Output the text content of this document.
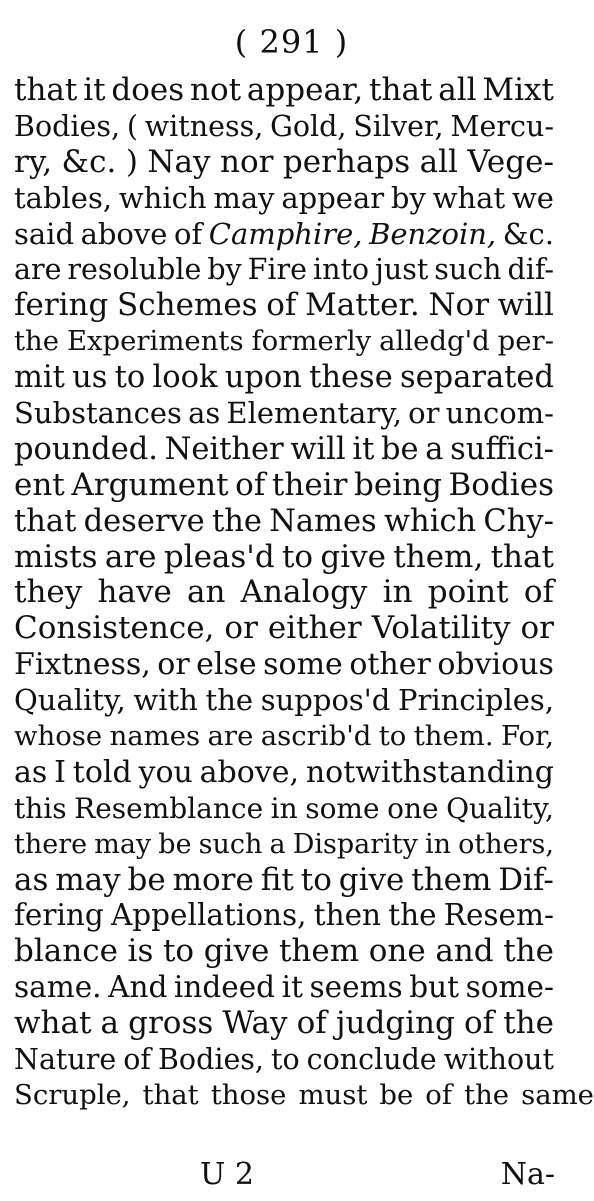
( 291 )
that it does not appear, that all Mixt
Bodies, ( witness, Gold, Silver, Mercu-
ry, &c. ) Nay nor perhaps all Vege-
tables, which may appear by what we
said above of Camphire, Benzoin, &c.
are resoluble by Fire into just such dif-
fering Schemes of Matter. Nor will
the Experiments formerly alledg'd per-
mit us to look upon these separated
Substances as Elementary, or uncom-
pounded. Neither will it be a suffici-
ent Argument of their being Bodies
that deserve the Names which Chy-
mists are pleas'd to give them, that
they have an Analogy in point of
Consistence, or either Volatility or
Fixtness, or else some other obvious
Quality, with the suppos'd Principles,
whose names are ascrib'd to them. For,
as I told you above, notwithstanding
this Resemblance in some one Quality,
there may be such a Disparity in others,
as may be more fit to give them Dif-
fering Appellations, then the Resem-
blance is to give them one and the
same. And indeed it seems but some-
what a gross Way of judging of the
Nature of Bodies, to conclude without
Scruple, that those must be of the same
U 2	Na-
